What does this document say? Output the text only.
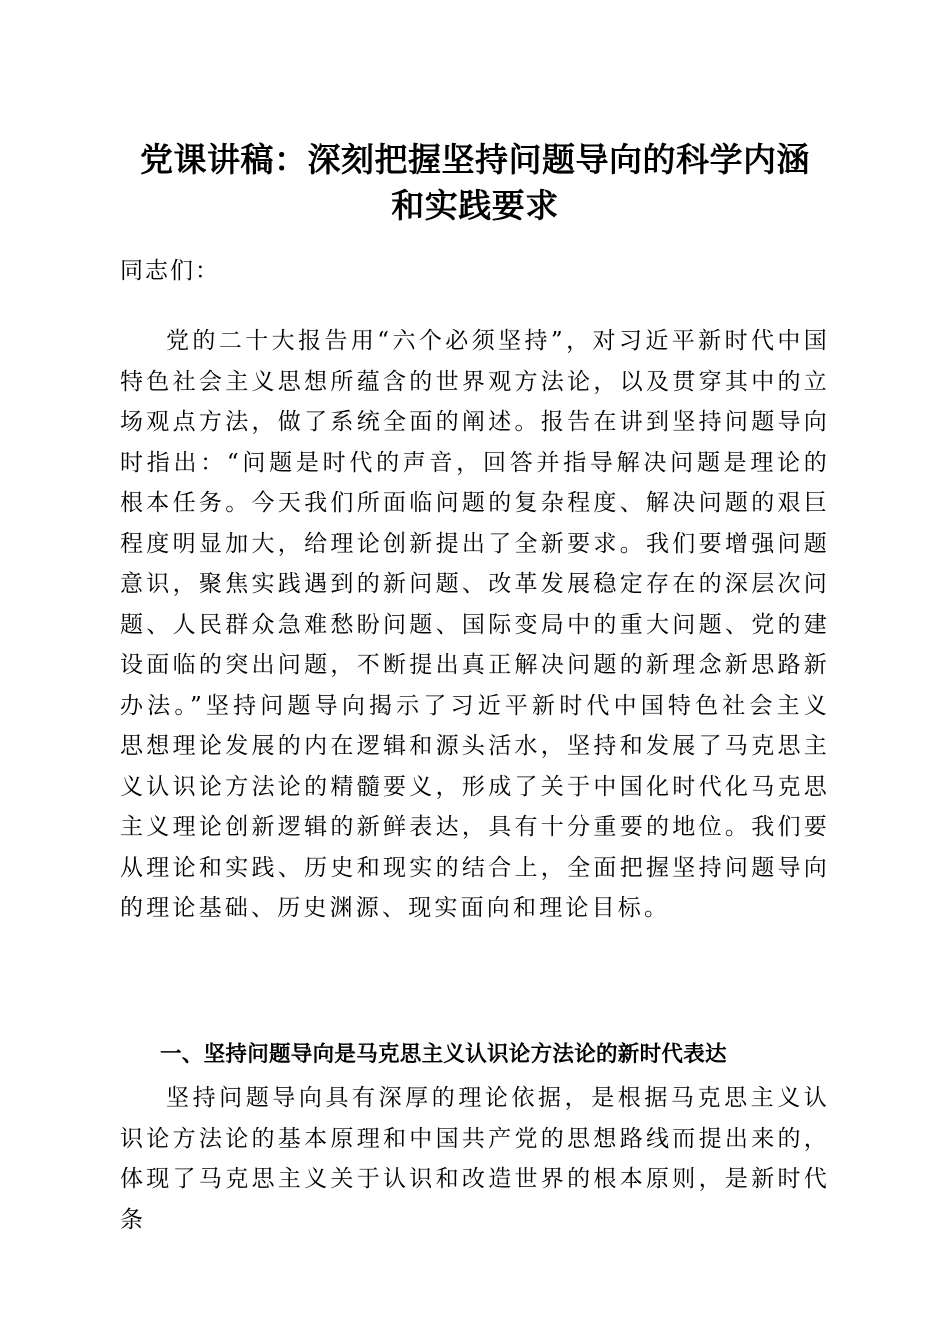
党课讲稿：深刻把握坚持问题导向的科学内涵
和实践要求

同志们：

党的二十大报告用“六个必须坚持”，对习近平新时代中国特色社会主义思想所蕴含的世界观方法论，以及贯穿其中的立场观点方法，做了系统全面的阐述。报告在讲到坚持问题导向时指出：“问题是时代的声音，回答并指导解决问题是理论的根本任务。今天我们所面临问题的复杂程度、解决问题的艰巨程度明显加大，给理论创新提出了全新要求。我们要增强问题意识，聚焦实践遇到的新问题、改革发展稳定存在的深层次问题、人民群众急难愁盼问题、国际变局中的重大问题、党的建设面临的突出问题，不断提出真正解决问题的新理念新思路新办法。”坚持问题导向揭示了习近平新时代中国特色社会主义思想理论发展的内在逻辑和源头活水，坚持和发展了马克思主义认识论方法论的精髓要义，形成了关于中国化时代化马克思主义理论创新逻辑的新鲜表达，具有十分重要的地位。我们要从理论和实践、历史和现实的结合上，全面把握坚持问题导向的理论基础、历史渊源、现实面向和理论目标。

一、坚持问题导向是马克思主义认识论方法论的新时代表达

坚持问题导向具有深厚的理论依据，是根据马克思主义认识论方法论的基本原理和中国共产党的思想路线而提出来的，体现了马克思主义关于认识和改造世界的根本原则，是新时代条
